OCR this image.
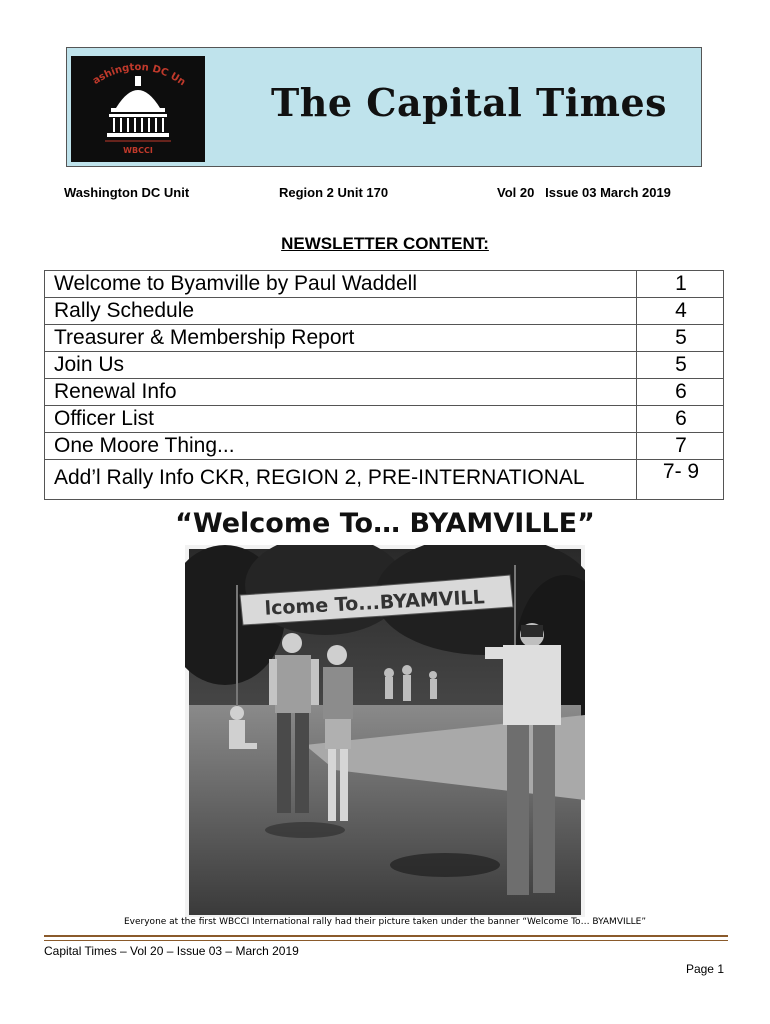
ashington DC Un
WBCCI
The Capital Times
Washington DC Unit	Region 2 Unit 170	Vol 20   Issue 03 March 2019
NEWSLETTER CONTENT:
Welcome to Byamville by Paul Waddell	1
Rally Schedule	4
Treasurer & Membership Report	5
Join Us	5
Renewal Info	6
Officer List	6
One Moore Thing...	7
Add’l Rally Info CKR, REGION 2, PRE-INTERNATIONAL	7- 9
“Welcome To… BYAMVILLE”
lcome To...BYAMVILL
Everyone at the first WBCCI International rally had their picture taken under the banner “Welcome To… BYAMVILLE”
Capital Times – Vol 20 – Issue 03 – March 2019
Page 1
